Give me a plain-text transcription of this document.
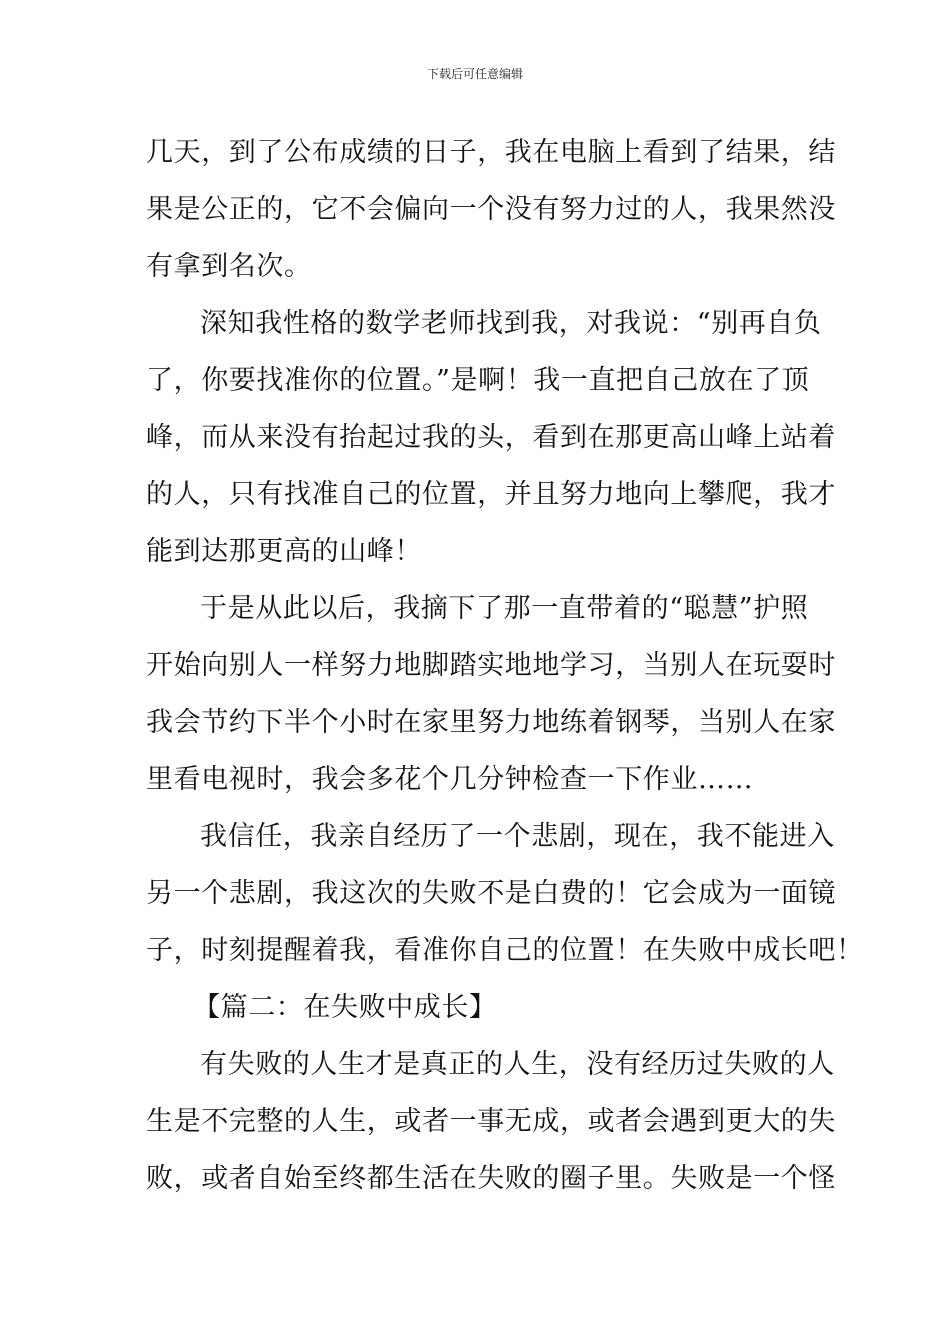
下载后可任意编辑
几天，到了公布成绩的日子，我在电脑上看到了结果，结
果是公正的，它不会偏向一个没有努力过的人，我果然没
有拿到名次。
深知我性格的数学老师找到我，对我说：“别再自负
了，你要找准你的位置。”是啊！我一直把自己放在了顶
峰，而从来没有抬起过我的头，看到在那更高山峰上站着
的人，只有找准自己的位置，并且努力地向上攀爬，我才
能到达那更高的山峰！
于是从此以后，我摘下了那一直带着的“聪慧”护照
开始向别人一样努力地脚踏实地地学习，当别人在玩耍时
我会节约下半个小时在家里努力地练着钢琴，当别人在家
里看电视时，我会多花个几分钟检查一下作业……
我信任，我亲自经历了一个悲剧，现在，我不能进入
另一个悲剧，我这次的失败不是白费的！它会成为一面镜
子，时刻提醒着我，看准你自己的位置！在失败中成长吧！
【篇二：在失败中成长】
有失败的人生才是真正的人生，没有经历过失败的人
生是不完整的人生，或者一事无成，或者会遇到更大的失
败，或者自始至终都生活在失败的圈子里。失败是一个怪
